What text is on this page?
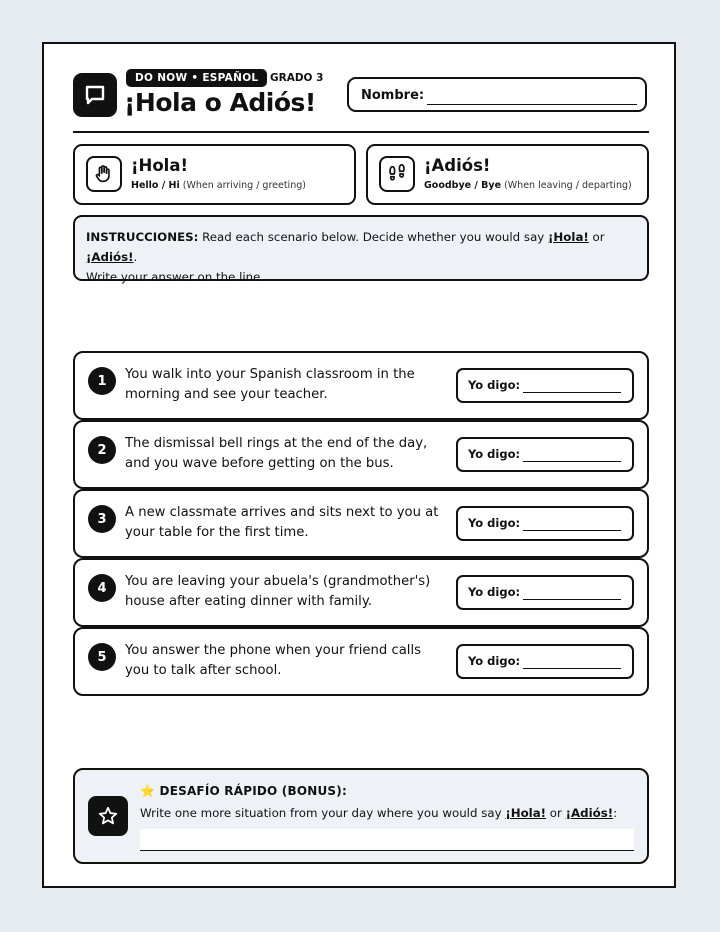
DO NOW • ESPAÑOL	GRADO 3
¡Hola o Adiós!	Nombre:
¡Hola!
Hello / Hi (When arriving / greeting)
¡Adiós!
Goodbye / Bye (When leaving / departing)
INSTRUCCIONES: Read each scenario below. Decide whether you would say ¡Hola! or ¡Adiós!.
Write your answer on the line.
1	You walk into your Spanish classroom in the
morning and see your teacher.
Yo digo:
2	The dismissal bell rings at the end of the day,
and you wave before getting on the bus.
Yo digo:
3	A new classmate arrives and sits next to you at
your table for the first time.
Yo digo:
4	You are leaving your abuela's (grandmother's)
house after eating dinner with family.
Yo digo:
5	You answer the phone when your friend calls
you to talk after school.
Yo digo:
⭐ DESAFÍO RÁPIDO (BONUS):
Write one more situation from your day where you would say ¡Hola! or ¡Adiós!:
